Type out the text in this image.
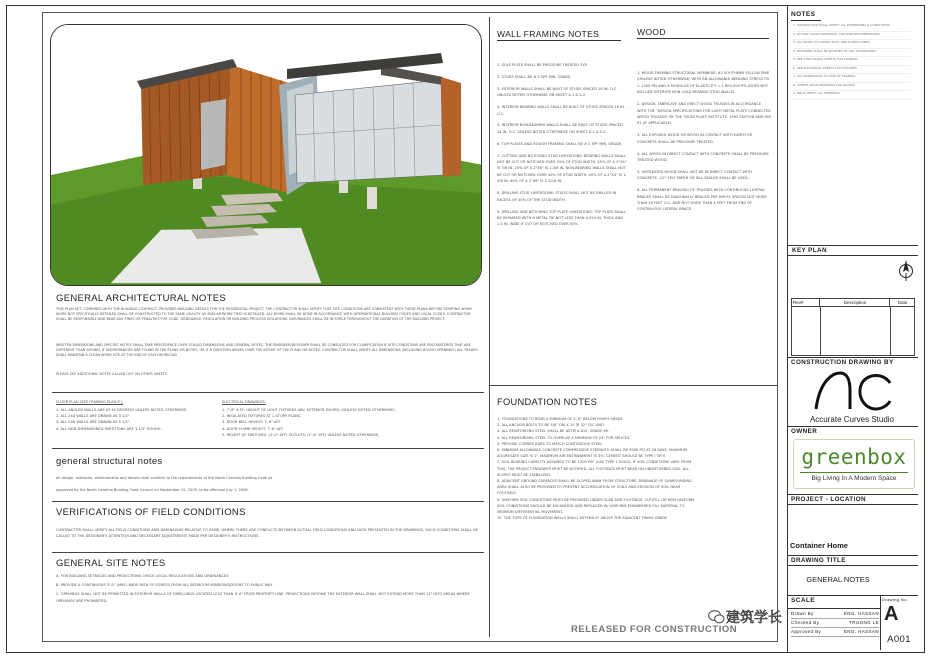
GENERAL ARCHITECTURAL NOTES
THIS PLAN SET, COMBINED WITH THE BUILDING CONTRACT, PROVIDES BUILDING DETAILS FOR THE RESIDENTIAL PROJECT. THE CONTRACTOR SHALL VERIFY THAT SITE CONDITIONS ARE CONSISTENT WITH THESE PLANS BEFORE STARTING WORK. WORK NOT SPECIFICALLY DETAILED SHALL BE CONSTRUCTED TO THE SAME QUALITY AS SIMILAR WORK THAT IS DETAILED. ALL WORK SHALL BE DONE IN ACCORDANCE WITH INTERNATIONAL BUILDING CODES AND LOCAL CODES. CONTRACTOR SHALL BE RESPONSIBLE AND BEAR ANY FINES OR PENALTIES FOR CODE, ORDINANCE, REGULATION OR BUILDING PROCESS VIOLATIONS. INSURANCES SHALL BE IN FORCE THROUGHOUT THE DURATION OF THE BUILDING PROJECT.
WRITTEN DIMENSIONS AND SPECIFIC NOTES SHALL TAKE PRECEDENCE OVER SCALED DIMENSIONS AND GENERAL NOTES. THE ENGINEER/DESIGNER SHALL BE CONSULTED FOR CLARIFICATION IF SITE CONDITIONS ARE ENCOUNTERED THAT ARE DIFFERENT THAN SHOWN, IF DISCREPANCIES ARE FOUND IN THE PLANS OR NOTES, OR IF A QUESTION ARISES OVER THE INTENT OF THE PLANS OR NOTES. CONTRACTOR SHALL VERIFY ALL DIMENSIONS (INCLUDING ROUGH OPENINGS) ALL TRADES SHALL MAINTAIN A CLEAN WORK SITE AT THE END OF EACH WORK DAY.
PLEASE SEE ADDITIONAL NOTES CALLED OUT ON OTHER SHEETS.
FLOOR PLAN (SEE FRAMING PLAN IF):
1. ALL ANGLED WALLS ARE AT 45 DEGREES UNLESS NOTED OTHERWISE.
2. ALL 2X4 WALLS ARE DRAWN AS 3 1/2".
3. ALL 2X6 WALLS ARE DRAWN AS 5 1/2".
4. ALL NON-DIMENSIONED PARTITIONS ARE 3 1/2" ROUGH.
ELECTRICAL DRAWINGS:
1. 7'-6" A.F.F. HEIGHT OF LIGHT FIXTURES ABV. EXTERIOR DOORS. (UNLESS NOTED OTHERWISE)
2. INSULATED FIXTURES AT 1-STORY PLANS.
3. DOOR BELL HEIGHT: 7'-6" AFF
4. DOOR CHIME HEIGHT: 7'-6" AFF
5. HEIGHT OF SWITCHES, (4'-0" AFF) OUTLETS, (1'-6" AFF) UNLESS NOTED OTHERWISE.
general structural notes
all design, materials, workmanship and details shall conform to the requirements of the North Carolina Building Code as
approved by the North Carolina Building Code Council on September 15, 2005, to be effective July 1, 2006.
VERIFICATIONS OF FIELD CONDITIONS
CONTRACTOR SHALL VERIFY ALL FIELD CONDITIONS AND DIMENSIONS RELATIVE TO SAME, WHERE THERE ARE CONFLICTS BETWEEN ACTUAL FIELD CONDITIONS AND DATA PRESENTED IN THE DRAWINGS, SUCH CONDITIONS SHALL BE CALLED TO THE DESIGNER'S ATTENTION AND NECESSARY ADJUSTMENTS MADE PER DESIGNER'S INSTRUCTIONS.
GENERAL SITE NOTES
A. FOR BUILDING SETBACKS AND PROJECTIONS CHECK LOCAL REGULATIONS AND ORDINANCES
B. PROVIDE A CONTINUOUS 3'-0" (MIN.) WIDE PATH OF EGRESS FROM ALL BEDROOM WINDOWS/DOORS TO PUBLIC WAY.
C. OPENINGS SHALL NOT BE PERMITTED IN EXTERIOR WALLS OF DWELLINGS LOCATED LESS THAN 3'-0" FROM PROPERTY LINE. PROJECTIONS BEYOND THE EXTERIOR WALL SHALL NOT EXTEND MORE THAN 12" INTO AREAS WHERE OPENINGS ARE PROHIBITED.
WALL FRAMING NOTES
1. SOLE PLATE SHALL BE PRESSURE TREATED SYP.
2. STUDS SHALL BE # 2 SPF MIN. GRADE.
3. EXTERIOR WALLS SHALL BE BUILT OF STUDS SPACED 16 IN. O.C. UNLESS NOTED OTHERWISE ON SHEET S-1 & S-2.
4. INTERIOR BEARING WALLS SHALL BE BUILT OF STUDS SPACED 16 IN. O.C.
5. INTERIOR NON-BEARING WALLS SHALL BE BUILT OF STUDS SPACED 24 IN. O.C. UNLESS NOTED OTHERWISE ON SHEET S-1 & S-2.
6. TOP PLATES AND ROUGH FRAMING SHALL BE # 2 SPF MIN. GRADE.
7. CUTTING AND NOTCHING STUD LIMITATIONS: BEARING WALLS SHALL NOT BE CUT OR NOTCHED OVER 25% OF STUD WIDTH. 25% OF A 2"X4" IS 7/8 IN. 25% OF A 2"X6" IS 1-3/8 IN. NON-BEARING WALLS SHALL NOT BE CUT OR NOTCHED OVER 40% OF STUD WIDTH. 40% OF A 2"X4" IS 1-3/8 IN. 40% OF A 2"X6" IS 2-3/16 IN.
8. DRILLING STUD LIMITATIONS: STUDS SHALL NOT BE DRILLED IN EXCESS OF 40% OF THE STUD WIDTH.
9. DRILLING AND NOTCHING TOP PLATE LIMITATIONS: TOP PLATE SHALL BE REPAIRED WITH A METAL TIE NOT LESS THAN 0.054 IN. THICK AND 1.5 IN. WIDE IF CUT OR NOTCHED OVER 50%.
WOOD
1. WOOD FRAMING STRUCTURAL MEMBERS: #2 SOUTHERN YELLOW PINE (UNLESS NOTED OTHERWISE) WITH AN ALLOWABLE BENDING STRESS FB = 1350 PSI AND A MODULUS OF ELASTICITY = 1,600,000 PSI (DOES NOT INCLUDE INTERIOR NON LOAD BEARING STUD WALLS).
2. DESIGN, FABRICATE AND ERECT WOOD TRUSSES IN ACCORDANCE WITH THE "DESIGN SPECIFICATIONS FOR LIGHT METAL PLATE CONNECTED WOOD TRUSSES" BY THE TRUSS PLATE INSTITUTE, 1995 EDITION AND HIB 91 (IF APPLICABLE).
3. ALL EXPOSED WOOD OR WOOD IN CONTACT WITH EARTH OR CONCRETE SHALL BE PRESSURE TREATED.
4. ALL WOOD IN DIRECT CONTACT WITH CONCRETE SHALL BE PRESSURE TREATED WOOD.
5. UNTREATED WOOD SHALL NOT BE IN DIRECT CONTACT WITH CONCRETE. 1/2" FELT PAPER OR SILL SEALER SHALL BE USED.
6. ALL PERMANENT BRACING OF TRUSSES WITH CONTINUOUS LATERAL BRACES SHALL BE DIAGONALLY BRACED PER HIB-91 SPACED NOT MORE THAN 16 FEET O.C. AND NOT MORE THAN 4 FEET FROM END OF CONTINUOUS LATERAL BRACE.
FOUNDATION NOTES
1. FOUNDATIONS TO BEAR A MINIMUM OF 2'-0" BELOW FINISH GRADE
2. ALL ANCHOR BOLTS TO BE 5/8" DIA X 10 @ 32" O/C UNO.
3. ALL REINFORCING STEEL SHALL BE ASTM A-615, GRADE 60.
4. ALL REINFORCING STEEL TO OVERLAP A MINIMUM OF 24" FOR SPLICES.
5. PROVIDE CORNER BARS TO MATCH CONTINUOUS STEEL.
6. MINIMUM ALLOWABLE CONCRETE COMPRESSIVE STRENGTH SHALL BE 3000 PSI AT 28 DAYS. MAXIMUM AGGREGATE SIZE IS 1". MAXIMUM AIR ENTRAINMENT IS 3%. CEMENT SHOULD BE TYPE I OR II.
7. SOIL BEARING CAPACITY ASSUMED TO BE 1500 PSF (USE TYPE 1 SOILS). IF SOIL CONDITIONS VARY FROM THIS, THE PROJECT ENGINEER MUST BE NOTIFIED. ALL FOOTINGS MUST BEAR ON UNDISTURBED SOIL. ALL SLOPES MUST BE STABILIZED.
8. ADJACENT GROUND SURFACES SHALL BE SLOPED AWAY FROM STRUCTURE. DRAINAGE OF SURROUNDING AREA SHALL ALSO BE PROVIDED TO PREVENT ACCUMULATION OF SOILS AND EROSION OF SOIL NEAR FOOTINGS.
9. UNIFORM SOIL CONDITIONS MUST BE PROVIDED UNDER SLAB AND FOOTINGS. CUT/FILL OR NON-UNIFORM SOIL CONDITIONS SHOULD BE EXCAVATED AND REPLACED W/ UNIFORM ENGINEERED FILL MATERIAL TO MINIMUM DIFFERENTIAL MOVEMENT.
10. THE TOPS OF FOUNDATION WALLS SHALL EXTEND 6" ABOVE THE ADJACENT FINISH GRADE
RELEASED FOR CONSTRUCTION
建筑学长
NOTES
1. CONTRACTOR SHALL VERIFY ALL DIMENSIONS & CONDITIONS
2. DO NOT SCALE DRAWINGS, USE WRITTEN DIMENSIONS
3. ALL WORK TO COMPLY WITH APPLICABLE CODES
4. DESIGNER SHALL BE NOTIFIED OF ANY DISCREPANCY
5. SEE STRUCTURAL SHEETS FOR FRAMING
6. SEE ELECTRICAL SHEETS FOR FIXTURES
7. ALL DIMENSIONS TO FACE OF FRAMING
8. SUBMIT SHOP DRAWINGS FOR REVIEW
9. FIELD VERIFY ALL OPENINGS
KEY PLAN
Rev#	Description	Date
CONSTRUCTION DRAWING BY
Accurate Curves Studio
OWNER
greenbox
Big Living In A Modern Space
PROJECT - LOCATION
Container Home
DRAWING TITLE
GENERAL NOTES
SCALE	Drawing No.
Drawn By	ENG. HASSAN
Checked By	TRUONG LE
Approved By	ENG. HASSAN
A
A001
